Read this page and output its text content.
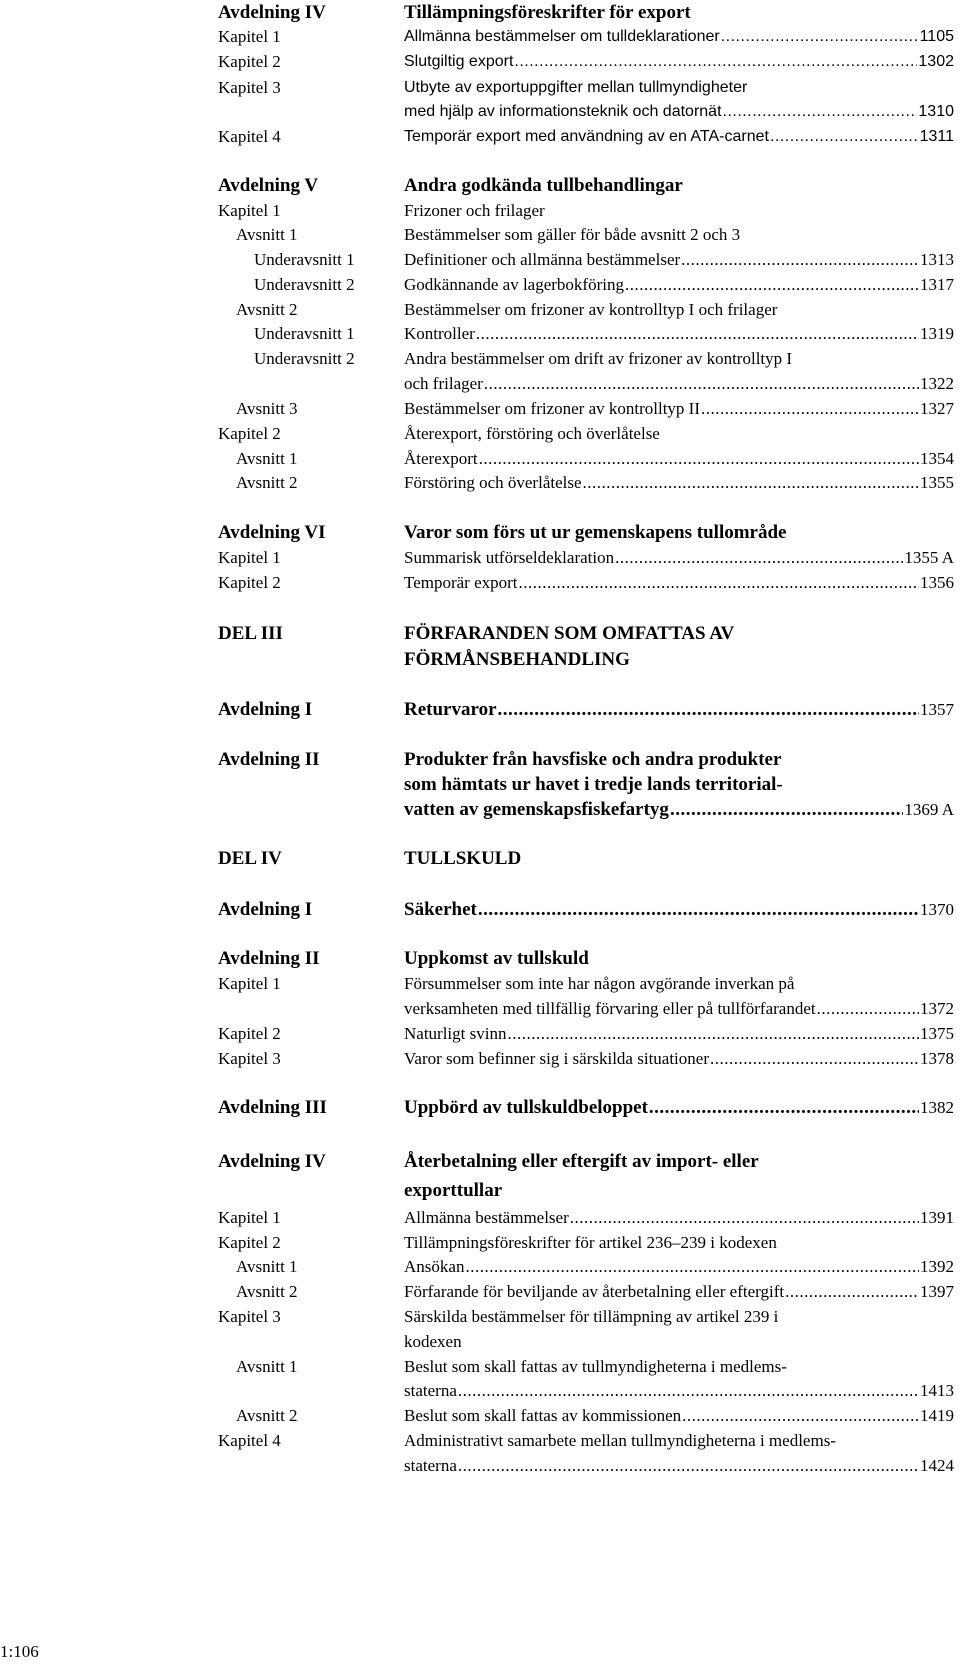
Avdelning IV	Tillämpningsföreskrifter för export
Kapitel 1	Allmänna bestämmelser om tulldeklarationer .....	1105
Kapitel 2	Slutgiltig export .....	1302
Kapitel 3	Utbyte av exportuppgifter mellan tullmyndigheter
med hjälp av informationsteknik och datornät .....	1310
Kapitel 4	Temporär export med användning av en ATA-carnet .....	1311
Avdelning V	Andra godkända tullbehandlingar
Kapitel 1	Frizoner och frilager
Avsnitt 1	Bestämmelser som gäller för både avsnitt 2 och 3
Underavsnitt 1	Definitioner och allmänna bestämmelser .....	1313
Underavsnitt 2	Godkännande av lagerbokföring .....	1317
Avsnitt 2	Bestämmelser om frizoner av kontrolltyp I och frilager
Underavsnitt 1	Kontroller .....	1319
Underavsnitt 2	Andra bestämmelser om drift av frizoner av kontrolltyp I
och frilager .....	1322
Avsnitt 3	Bestämmelser om frizoner av kontrolltyp II .....	1327
Kapitel 2	Återexport, förstöring och överlåtelse
Avsnitt 1	Återexport .....	1354
Avsnitt 2	Förstöring och överlåtelse .....	1355
Avdelning VI	Varor som förs ut ur gemenskapens tullområde
Kapitel 1	Summarisk utförseldeklaration .....	1355 A
Kapitel 2	Temporär export .....	1356
DEL III	FÖRFARANDEN SOM OMFATTAS AV
FÖRMÅNSBEHANDLING
Avdelning I	Returvaror .....	1357
Avdelning II	Produkter från havsfiske och andra produkter
som hämtats ur havet i tredje lands territorial-
vatten av gemenskapsfiskefartyg .....	1369 A
DEL IV	TULLSKULD
Avdelning I	Säkerhet .....	1370
Avdelning II	Uppkomst av tullskuld
Kapitel 1	Försummelser som inte har någon avgörande inverkan på
verksamheten med tillfällig förvaring eller på tullförfarandet .....	1372
Kapitel 2	Naturligt svinn .....	1375
Kapitel 3	Varor som befinner sig i särskilda situationer .....	1378
Avdelning III	Uppbörd av tullskuldbeloppet .....	1382
Avdelning IV	Återbetalning eller eftergift av import- eller
exporttullar
Kapitel 1	Allmänna bestämmelser .....	1391
Kapitel 2	Tillämpningsföreskrifter för artikel 236–239 i kodexen
Avsnitt 1	Ansökan .....	1392
Avsnitt 2	Förfarande för beviljande av återbetalning eller eftergift .....	1397
Kapitel 3	Särskilda bestämmelser för tillämpning av artikel 239 i
kodexen
Avsnitt 1	Beslut som skall fattas av tullmyndigheterna i medlems-
staterna .....	1413
Avsnitt 2	Beslut som skall fattas av kommissionen .....	1419
Kapitel 4	Administrativt samarbete mellan tullmyndigheterna i medlems-
staterna .....	1424
1:106
